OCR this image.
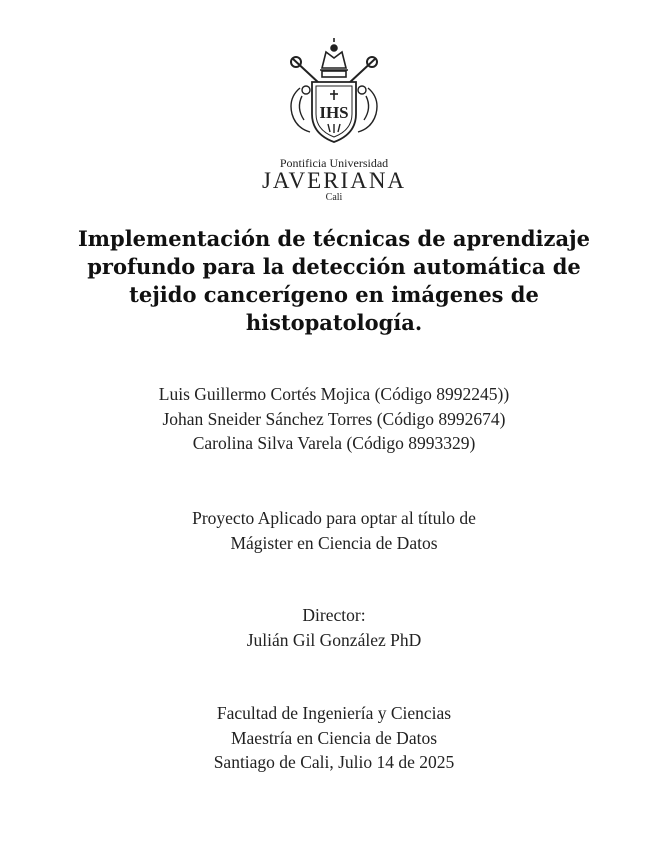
IHS
Pontificia Universidad
JAVERIANA
Cali
Implementación de técnicas de aprendizaje
profundo para la detección automática de
tejido cancerígeno en imágenes de
histopatología.
Luis Guillermo Cortés Mojica (Código 8992245))
Johan Sneider Sánchez Torres (Código 8992674)
Carolina Silva Varela (Código 8993329)
Proyecto Aplicado para optar al título de
Mágister en Ciencia de Datos
Director:
Julián Gil González PhD
Facultad de Ingeniería y Ciencias
Maestría en Ciencia de Datos
Santiago de Cali, Julio 14 de 2025
